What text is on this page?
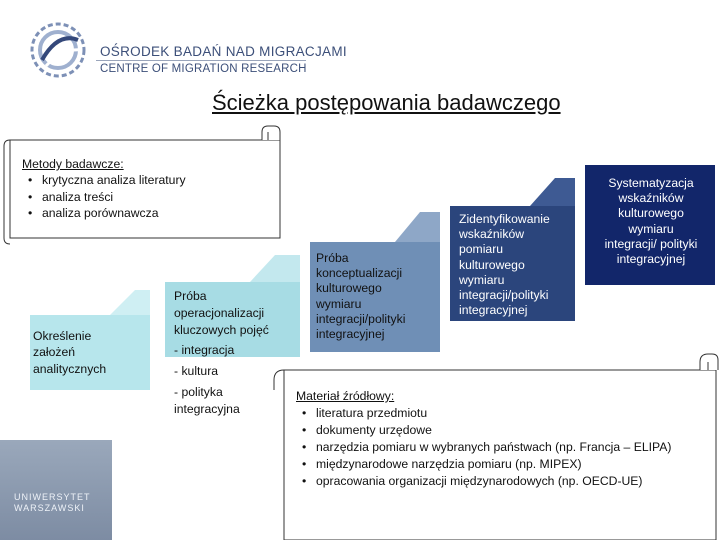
UNIWERSYTET
WARSZAWSKI
OŚRODEK BADAŃ NAD MIGRACJAMI
CENTRE OF MIGRATION RESEARCH
Ścieżka postępowania badawczego
Metody badawcze:
• krytyczna analiza literatury
• analiza treści
• analiza porównawcza
Określenie
założeń
analitycznych
Próba
operacjonalizacji
kluczowych pojęć
- integracja
- kultura
- polityka
integracyjna
Próba
konceptualizacji
kulturowego
wymiaru
integracji/polityki
integracyjnej
Zidentyfikowanie
wskaźników
pomiaru
kulturowego
wymiaru
integracji/polityki
integracyjnej
Systematyzacja
wskaźników
kulturowego
wymiaru
integracji/ polityki
integracyjnej
Materiał źródłowy:
• literatura przedmiotu
• dokumenty urzędowe
• narzędzia pomiaru w wybranych państwach (np. Francja – ELIPA)
• międzynarodowe narzędzia pomiaru (np. MIPEX)
• opracowania organizacji międzynarodowych (np. OECD-UE)
